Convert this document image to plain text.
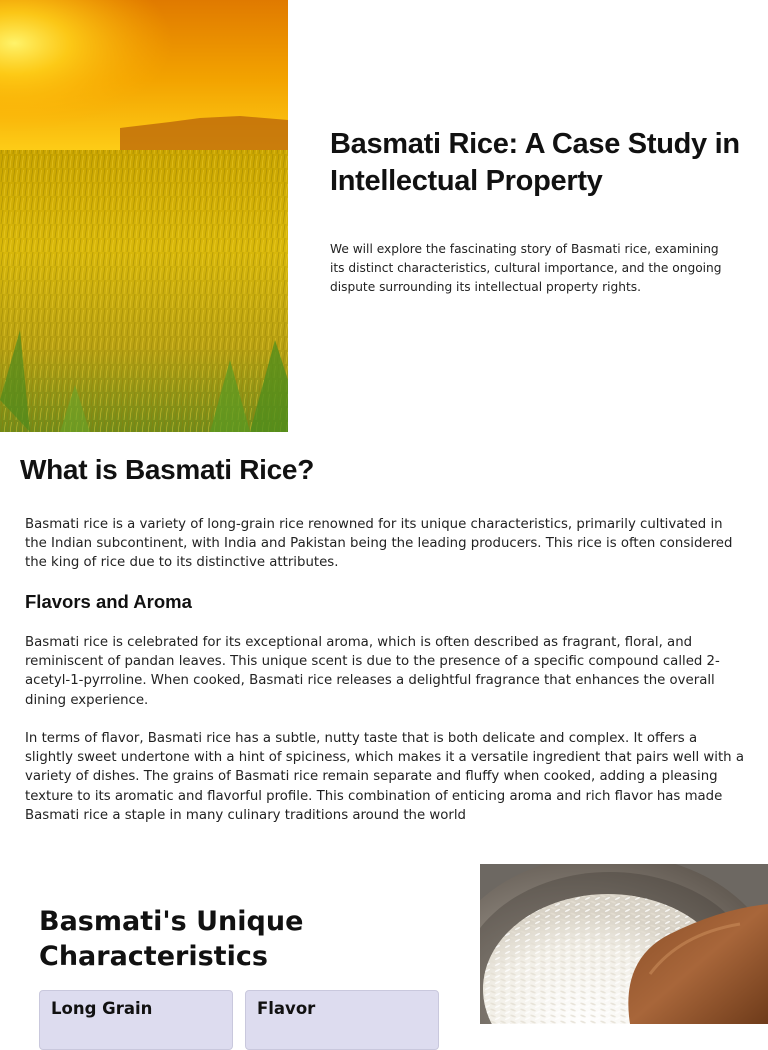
Basmati Rice: A Case Study in Intellectual Property

We will explore the fascinating story of Basmati rice, examining its distinct characteristics, cultural importance, and the ongoing dispute surrounding its intellectual property rights.

What is Basmati Rice?

Basmati rice is a variety of long-grain rice renowned for its unique characteristics, primarily cultivated in the Indian subcontinent, with India and Pakistan being the leading producers. This rice is often considered the king of rice due to its distinctive attributes.

Flavors and Aroma

Basmati rice is celebrated for its exceptional aroma, which is often described as fragrant, floral, and reminiscent of pandan leaves. This unique scent is due to the presence of a specific compound called 2-acetyl-1-pyrroline. When cooked, Basmati rice releases a delightful fragrance that enhances the overall dining experience.

In terms of flavor, Basmati rice has a subtle, nutty taste that is both delicate and complex. It offers a slightly sweet undertone with a hint of spiciness, which makes it a versatile ingredient that pairs well with a variety of dishes. The grains of Basmati rice remain separate and fluffy when cooked, adding a pleasing texture to its aromatic and flavorful profile. This combination of enticing aroma and rich flavor has made Basmati rice a staple in many culinary traditions around the world

Basmati's Unique Characteristics
Long Grain	Flavor
